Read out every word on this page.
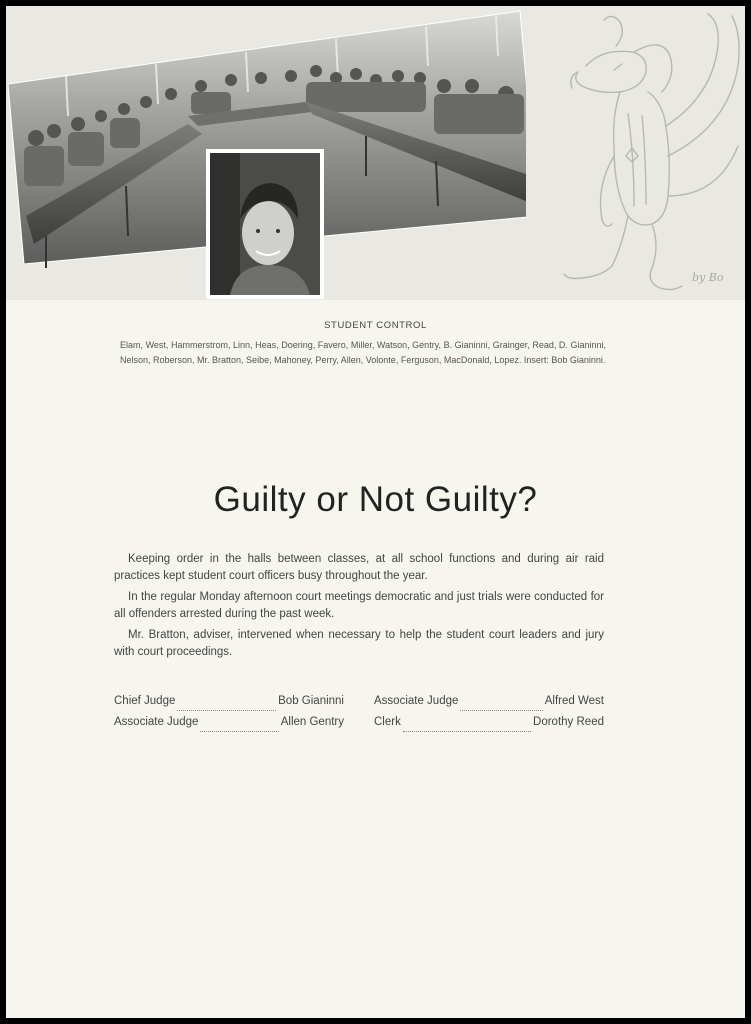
by Bo
STUDENT CONTROL
Elam, West, Hammerstrom, Linn, Heas, Doering, Favero, Miller, Watson, Gentry, B. Gianinni, Grainger, Read, D. Gianinni, Nelson, Roberson, Mr. Bratton, Seibe, Mahoney, Perry, Allen, Volonte, Ferguson, MacDonald, Lopez. Insert: Bob Gianinni.
Guilty or Not Guilty?

Keeping order in the halls between classes, at all school functions and during air raid practices kept student court officers busy throughout the year.

In the regular Monday afternoon court meetings democratic and just trials were conducted for all offenders arrested during the past week.

Mr. Bratton, adviser, intervened when necessary to help the student court leaders and jury with court proceedings.

Chief Judge	Bob Gianinni	Associate Judge	Alfred West
Associate Judge	Allen Gentry	Clerk	Dorothy Reed
